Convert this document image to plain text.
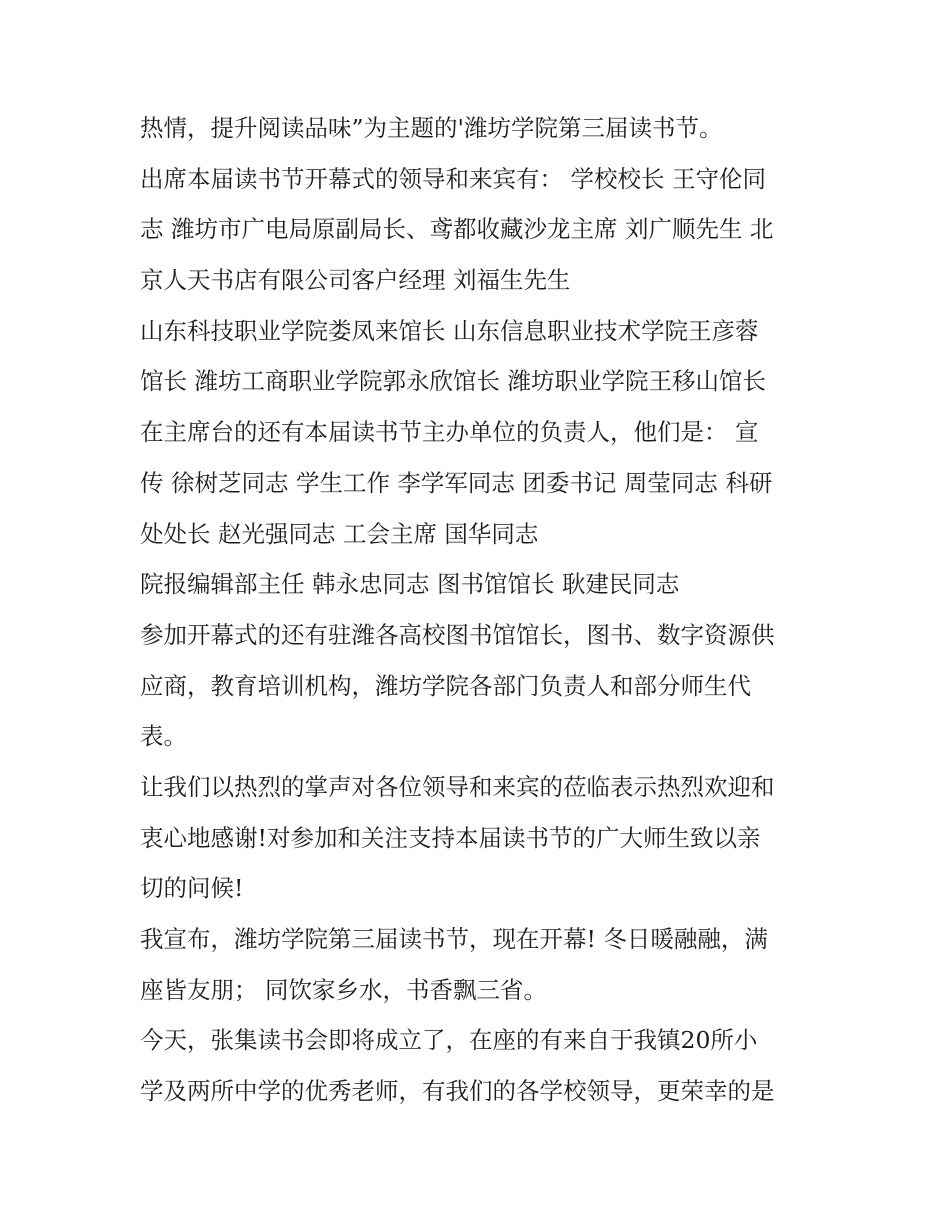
热情，提升阅读品味”为主题的'潍坊学院第三届读书节。
出席本届读书节开幕式的领导和来宾有： 学校校长 王守伦同
志 潍坊市广电局原副局长、鸢都收藏沙龙主席 刘广顺先生 北
京人天书店有限公司客户经理 刘福生先生
山东科技职业学院娄凤来馆长 山东信息职业技术学院王彦蓉
馆长 潍坊工商职业学院郭永欣馆长 潍坊职业学院王移山馆长
在主席台的还有本届读书节主办单位的负责人，他们是： 宣
传 徐树芝同志 学生工作 李学军同志 团委书记 周莹同志 科研
处处长 赵光强同志 工会主席 国华同志
院报编辑部主任 韩永忠同志 图书馆馆长 耿建民同志
参加开幕式的还有驻潍各高校图书馆馆长，图书、数字资源供
应商，教育培训机构，潍坊学院各部门负责人和部分师生代
表。
让我们以热烈的掌声对各位领导和来宾的莅临表示热烈欢迎和
衷心地感谢!对参加和关注支持本届读书节的广大师生致以亲
切的问候!
我宣布，潍坊学院第三届读书节，现在开幕! 冬日暖融融，满
座皆友朋； 同饮家乡水，书香飘三省。
今天，张集读书会即将成立了，在座的有来自于我镇20所小
学及两所中学的优秀老师，有我们的各学校领导，更荣幸的是
